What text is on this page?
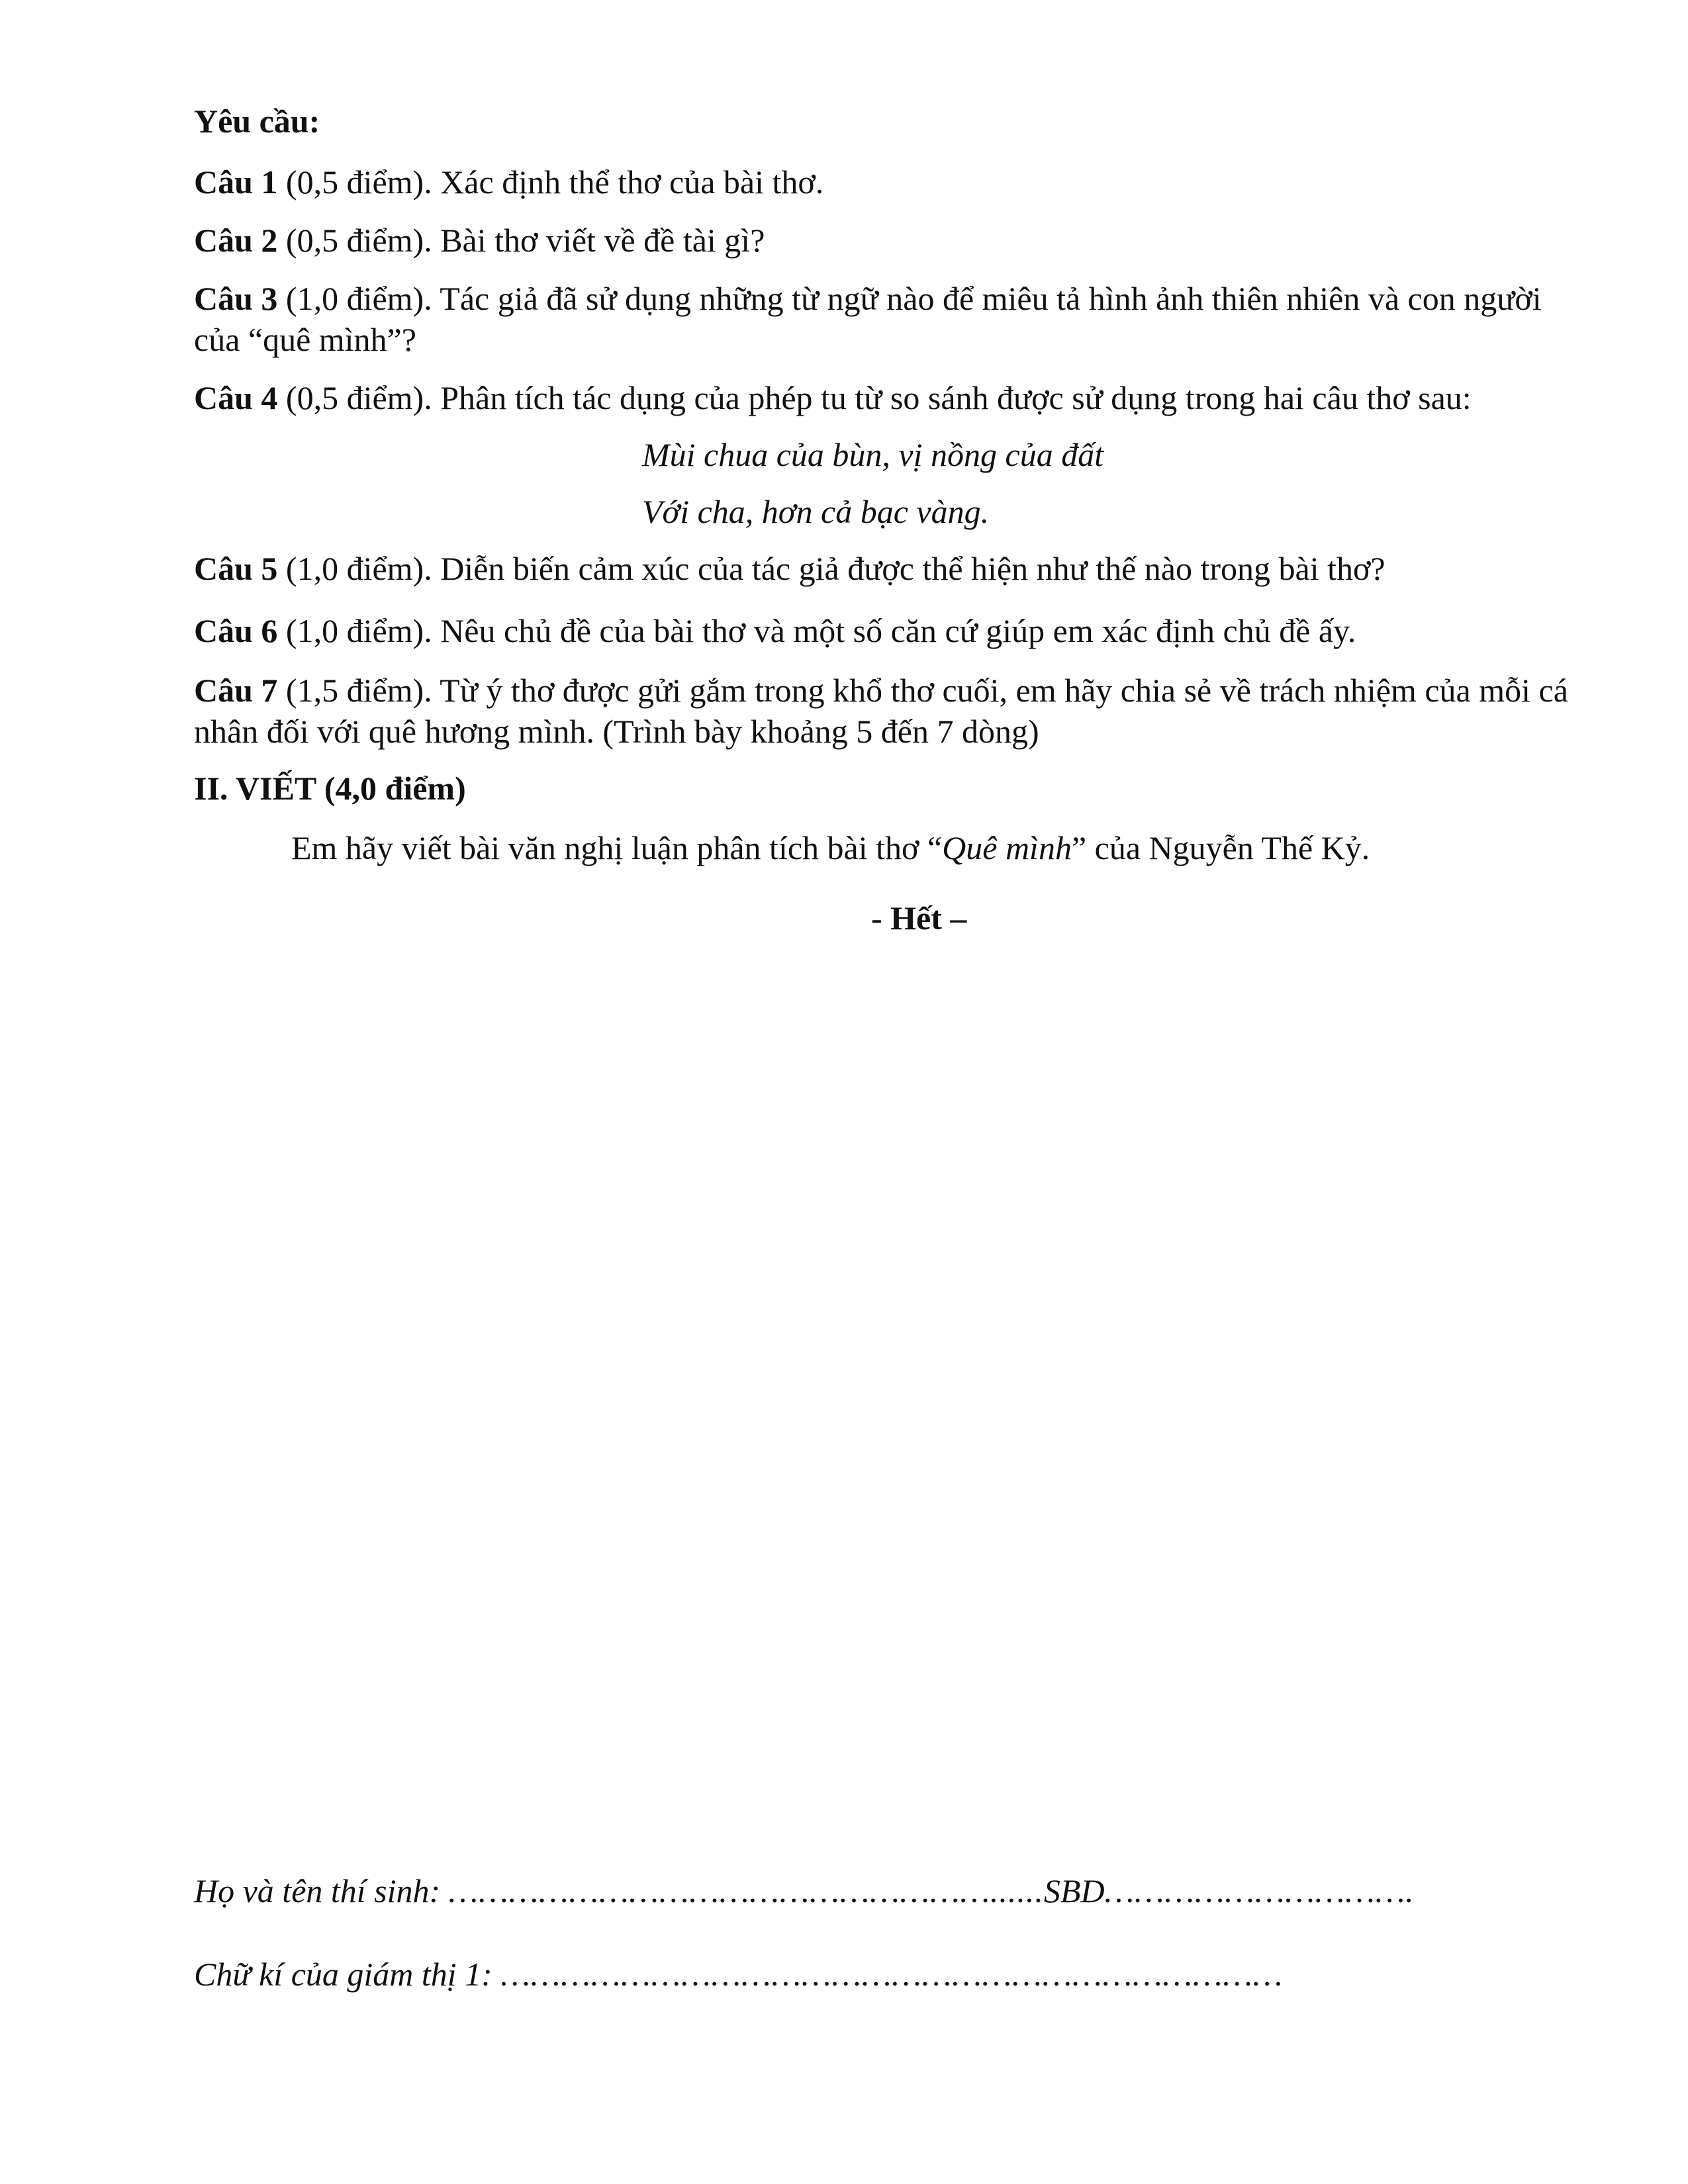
Yêu cầu:
Câu 1 (0,5 điểm). Xác định thể thơ của bài thơ.
Câu 2 (0,5 điểm). Bài thơ viết về đề tài gì?
Câu 3 (1,0 điểm). Tác giả đã sử dụng những từ ngữ nào để miêu tả hình ảnh thiên nhiên và con người của “quê mình”?
Câu 4 (0,5 điểm). Phân tích tác dụng của phép tu từ so sánh được sử dụng trong hai câu thơ sau:
Mùi chua của bùn, vị nồng của đất
Với cha, hơn cả bạc vàng.
Câu 5 (1,0 điểm). Diễn biến cảm xúc của tác giả được thể hiện như thế nào trong bài thơ?
Câu 6 (1,0 điểm). Nêu chủ đề của bài thơ và một số căn cứ giúp em xác định chủ đề ấy.
Câu 7 (1,5 điểm). Từ ý thơ được gửi gắm trong khổ thơ cuối, em hãy chia sẻ về trách nhiệm của mỗi cá nhân đối với quê hương mình. (Trình bày khoảng 5 đến 7 dòng)
II. VIẾT (4,0 điểm)
Em hãy viết bài văn nghị luận phân tích bài thơ “Quê mình” của Nguyễn Thế Kỷ.
- Hết –
Họ và tên thí sinh: ………………………………………………......SBD………………………….
Chữ kí của giám thị 1: ……………………………………………………………………
